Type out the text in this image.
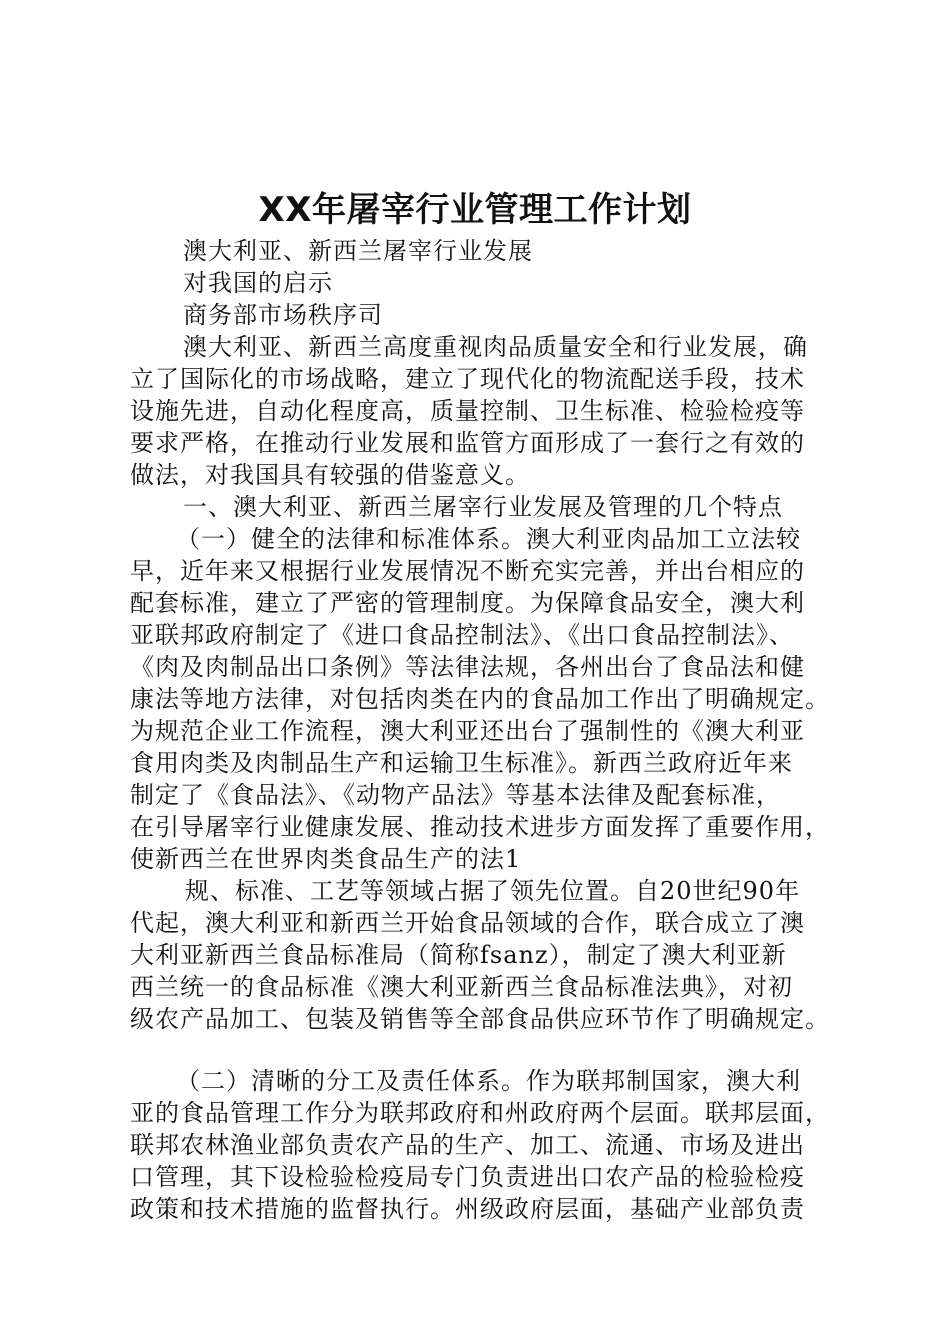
XX年屠宰行业管理工作计划
澳大利亚、新西兰屠宰行业发展
对我国的启示
商务部市场秩序司
澳大利亚、新西兰高度重视肉品质量安全和行业发展，确
立了国际化的市场战略，建立了现代化的物流配送手段，技术
设施先进，自动化程度高，质量控制、卫生标准、检验检疫等
要求严格，在推动行业发展和监管方面形成了一套行之有效的
做法，对我国具有较强的借鉴意义。
一、澳大利亚、新西兰屠宰行业发展及管理的几个特点
（一）健全的法律和标准体系。澳大利亚肉品加工立法较
早，近年来又根据行业发展情况不断充实完善，并出台相应的
配套标准，建立了严密的管理制度。为保障食品安全，澳大利
亚联邦政府制定了《进口食品控制法》、《出口食品控制法》、
《肉及肉制品出口条例》等法律法规，各州出台了食品法和健
康法等地方法律，对包括肉类在内的食品加工作出了明确规定。
为规范企业工作流程，澳大利亚还出台了强制性的《澳大利亚
食用肉类及肉制品生产和运输卫生标准》。新西兰政府近年来
制定了《食品法》、《动物产品法》等基本法律及配套标准，
在引导屠宰行业健康发展、推动技术进步方面发挥了重要作用，
使新西兰在世界肉类食品生产的法1
规、标准、工艺等领域占据了领先位置。自20世纪90年
代起，澳大利亚和新西兰开始食品领域的合作，联合成立了澳
大利亚新西兰食品标准局（简称fsanz），制定了澳大利亚新
西兰统一的食品标准《澳大利亚新西兰食品标准法典》，对初
级农产品加工、包装及销售等全部食品供应环节作了明确规定。
（二）清晰的分工及责任体系。作为联邦制国家，澳大利
亚的食品管理工作分为联邦政府和州政府两个层面。联邦层面，
联邦农林渔业部负责农产品的生产、加工、流通、市场及进出
口管理，其下设检验检疫局专门负责进出口农产品的检验检疫
政策和技术措施的监督执行。州级政府层面，基础产业部负责
